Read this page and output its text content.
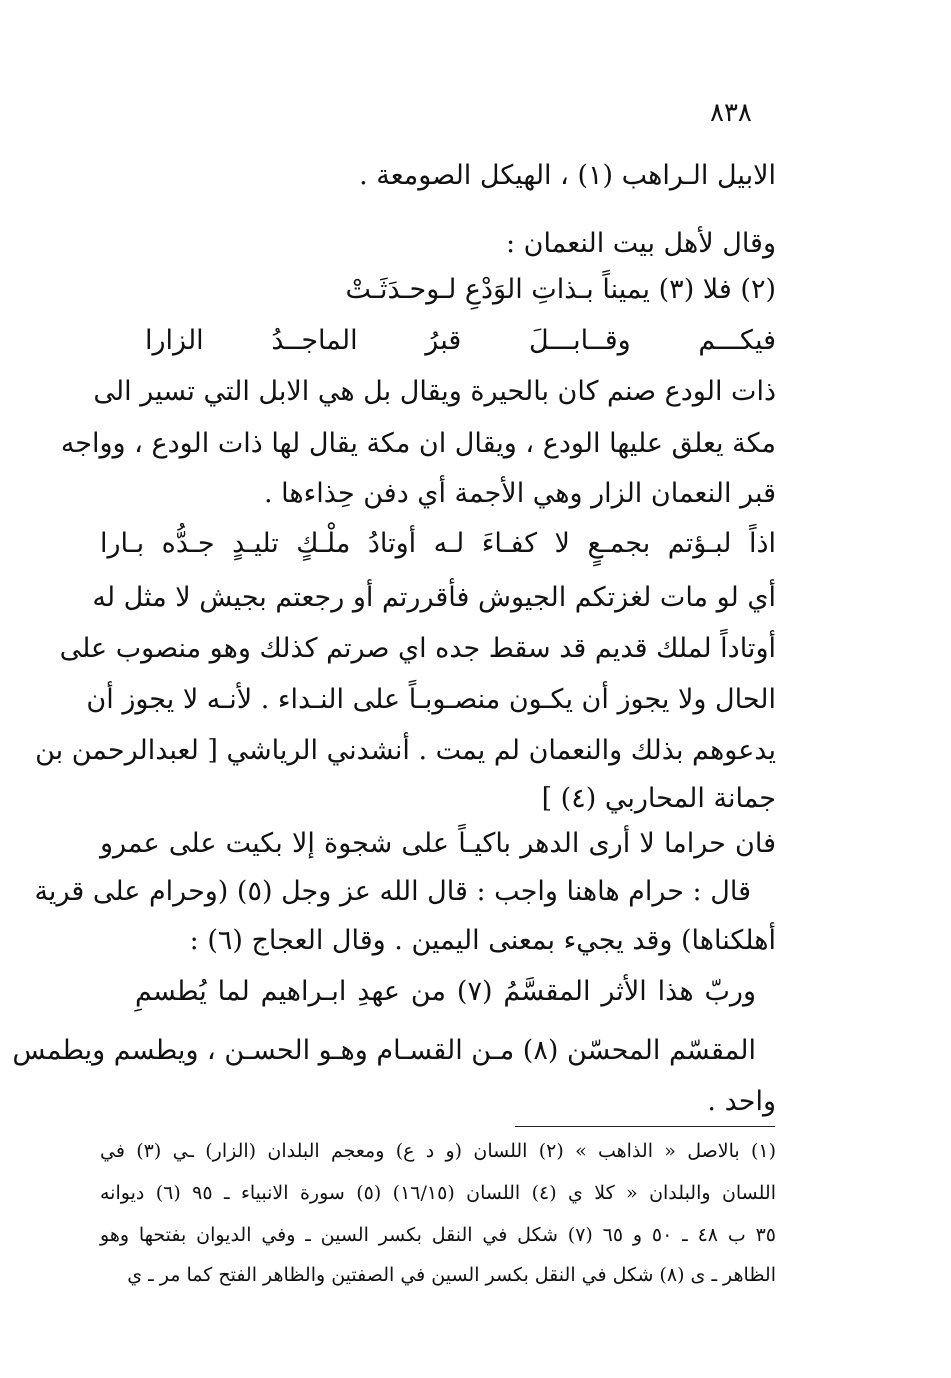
٨٣٨
الابيل الـراهب (١) ، الهيكل الصومعة .
وقال لأهل بيت النعمان :
(٢) فلا (٣) يميناً بـذاتِ الوَدْعِ لـوحـدَثَـتْ
فيكـــم وقــابـــلَ قبرُ الماجــدُ الزارا
ذات الودع صنم كان بالحيرة ويقال بل هي الابل التي تسير الى
مكة يعلق عليها الودع ، ويقال ان مكة يقال لها ذات الودع ، وواجه
قبر النعمان الزار وهي الأجمة أي دفن حِذاءها .
اذاً لبـؤتم بجمـعٍ لا كفـاءَ لـه أوتادُ ملْـكٍ تليـدٍ جـدُّه بـارا
أي لو مات لغزتكم الجيوش فأقررتم أو رجعتم بجيش لا مثل له
أوتاداً لملك قديم قد سقط جده اي صرتم كذلك وهو منصوب على
الحال ولا يجوز أن يكـون منصـوبـاً على النـداء . لأنـه لا يجوز أن
يدعوهم بذلك والنعمان لم يمت . أنشدني الرياشي [ لعبدالرحمن بن
جمانة المحاربي (٤) ]
فان حراما لا أرى الدهر باكيـاً على شجوة إلا بكيت على عمرو
قال : حرام هاهنا واجب : قال الله عز وجل (٥) (وحرام على قرية
أهلكناها) وقد يجيء بمعنى اليمين . وقال العجاج (٦) :
وربّ هذا الأثر المقسَّمُ (٧) من عهدِ ابـراهيم لما يُطسمِ
المقسّم المحسّن (٨) مـن القسـام وهـو الحسـن ، ويطسم ويطمس
واحد .
(١) بالاصل « الذاهب » (٢) اللسان (و د ع) ومعجم البلدان (الزار) ـي (٣) في
اللسان والبلدان « كلا ي (٤) اللسان (١٦/١٥) (٥) سورة الانبياء ـ ٩٥ (٦) ديوانه
٣٥ ب ٤٨ ـ ٥٠ و ٦٥ (٧) شكل في النقل بكسر السين ـ وفي الديوان بفتحها وهو
الظاهر ـ ى (٨) شكل في النقل بكسر السين في الصفتين والظاهر الفتح كما مر ـ ي
